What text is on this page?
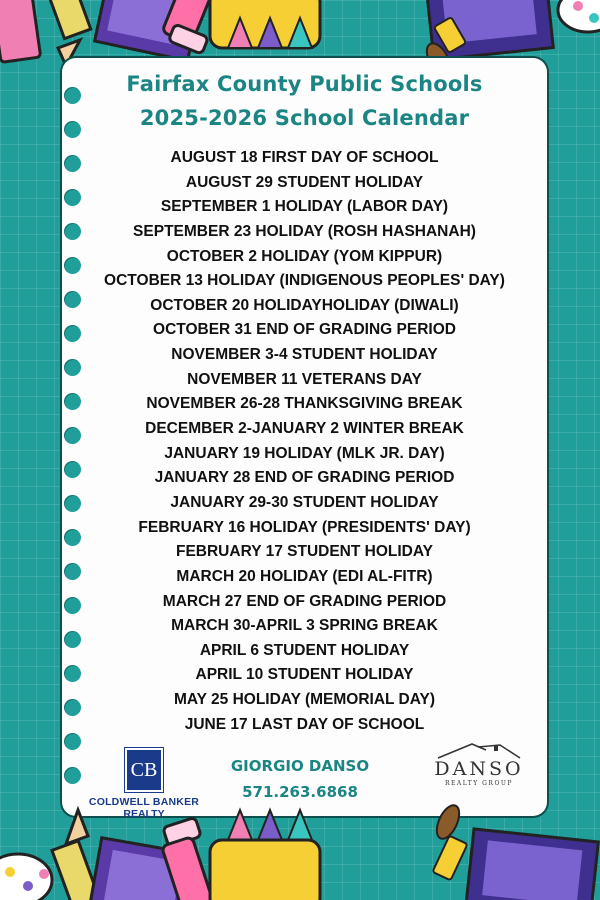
Fairfax County Public Schools
2025-2026 School Calendar
AUGUST 18 FIRST DAY OF SCHOOL
AUGUST 29 STUDENT HOLIDAY
SEPTEMBER 1 HOLIDAY (LABOR DAY)
SEPTEMBER 23 HOLIDAY (ROSH HASHANAH)
OCTOBER 2 HOLIDAY (YOM KIPPUR)
OCTOBER 13 HOLIDAY (INDIGENOUS PEOPLES' DAY)
OCTOBER 20 HOLIDAYHOLIDAY (DIWALI)
OCTOBER 31 END OF GRADING PERIOD
NOVEMBER 3-4 STUDENT HOLIDAY
NOVEMBER 11 VETERANS DAY
NOVEMBER 26-28 THANKSGIVING BREAK
DECEMBER 2-JANUARY 2 WINTER BREAK
JANUARY 19 HOLIDAY (MLK JR. DAY)
JANUARY 28 END OF GRADING PERIOD
JANUARY 29-30 STUDENT HOLIDAY
FEBRUARY 16 HOLIDAY (PRESIDENTS' DAY)
FEBRUARY 17 STUDENT HOLIDAY
MARCH 20 HOLIDAY (EDI AL-FITR)
MARCH 27 END OF GRADING PERIOD
MARCH 30-APRIL 3 SPRING BREAK
APRIL 6 STUDENT HOLIDAY
APRIL 10 STUDENT HOLIDAY
MAY 25 HOLIDAY (MEMORIAL DAY)
JUNE 17 LAST DAY OF SCHOOL
CB
COLDWELL BANKER
REALTY
GIORGIO DANSO
571.263.6868
DANSO
REALTY GROUP
